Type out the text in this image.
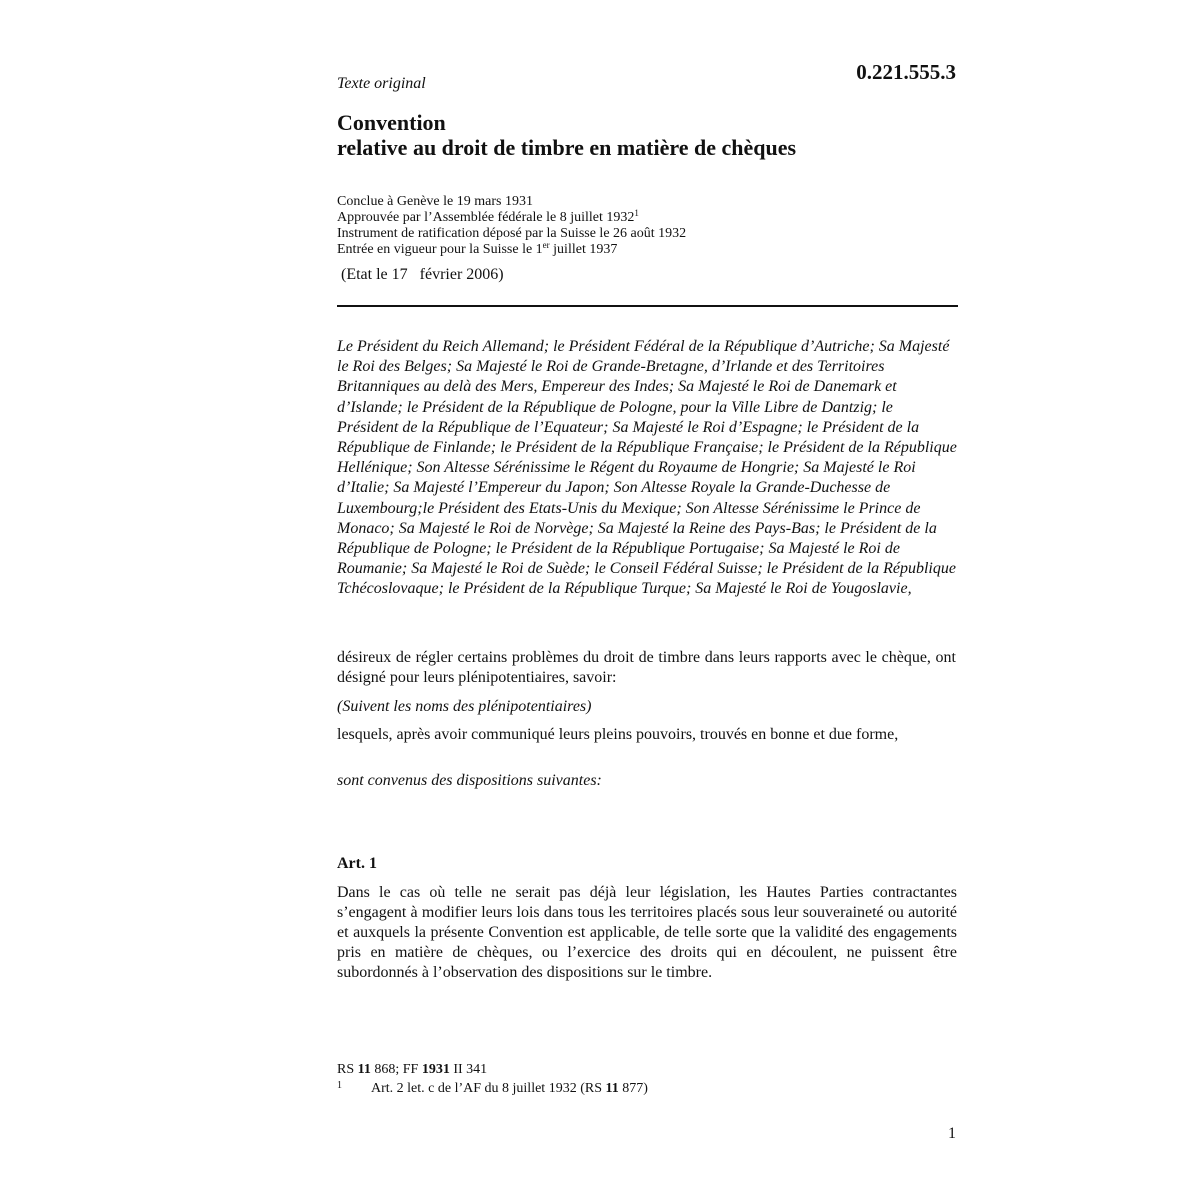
Texte original	0.221.555.3
Convention
relative au droit de timbre en matière de chèques
Conclue à Genève le 19 mars 1931
Approuvée par l’Assemblée fédérale le 8 juillet 1932$^1$
Instrument de ratification déposé par la Suisse le 26 août 1932
Entrée en vigueur pour la Suisse le 1er juillet 1937
(Etat le 17   février 2006)
Le Président du Reich Allemand; le Président Fédéral de la République d’Autriche; Sa Majesté le Roi des Belges; Sa Majesté le Roi de Grande-Bretagne, d’Irlande et des Territoires Britanniques au delà des Mers, Empereur des Indes; Sa Majesté le Roi de Danemark et d’Islande; le Président de la République de Pologne, pour la Ville Libre de Dantzig; le Président de la République de l’Equateur; Sa Majesté le Roi d’Espagne; le Président de la République de Finlande; le Président de la République Française; le Président de la République Hellénique; Son Altesse Sérénissime le Régent du Royaume de Hongrie; Sa Majesté le Roi d’Italie; Sa Majesté l’Empereur du Japon; Son Altesse Royale la Grande-Duchesse de Luxembourg;le Président des Etats-Unis du Mexique; Son Altesse Sérénissime le Prince de Monaco; Sa Majesté le Roi de Norvège; Sa Majesté la Reine des Pays-Bas; le Président de la République de Pologne; le Président de la République Portugaise; Sa Majesté le Roi de Roumanie; Sa Majesté le Roi de Suède; le Conseil Fédéral Suisse; le Président de la République Tchécoslovaque; le Président de la République Turque; Sa Majesté le Roi de Yougoslavie,
désireux de régler certains problèmes du droit de timbre dans leurs rapports avec le chèque, ont désigné pour leurs plénipotentiaires, savoir:
(Suivent les noms des plénipotentiaires)
lesquels, après avoir communiqué leurs pleins pouvoirs, trouvés en bonne et due forme,
sont convenus des dispositions suivantes:
Art. 1
Dans le cas où telle ne serait pas déjà leur législation, les Hautes Parties contractantes s’engagent à modifier leurs lois dans tous les territoires placés sous leur souveraineté ou autorité et auxquels la présente Convention est applicable, de telle sorte que la validité des engagements pris en matière de chèques, ou l’exercice des droits qui en découlent, ne puissent être subordonnés à l’observation des dispositions sur le timbre.
RS 11 868; FF 1931 II 341
1	Art. 2 let. c de l’AF du 8 juillet 1932 (RS 11 877)
1
